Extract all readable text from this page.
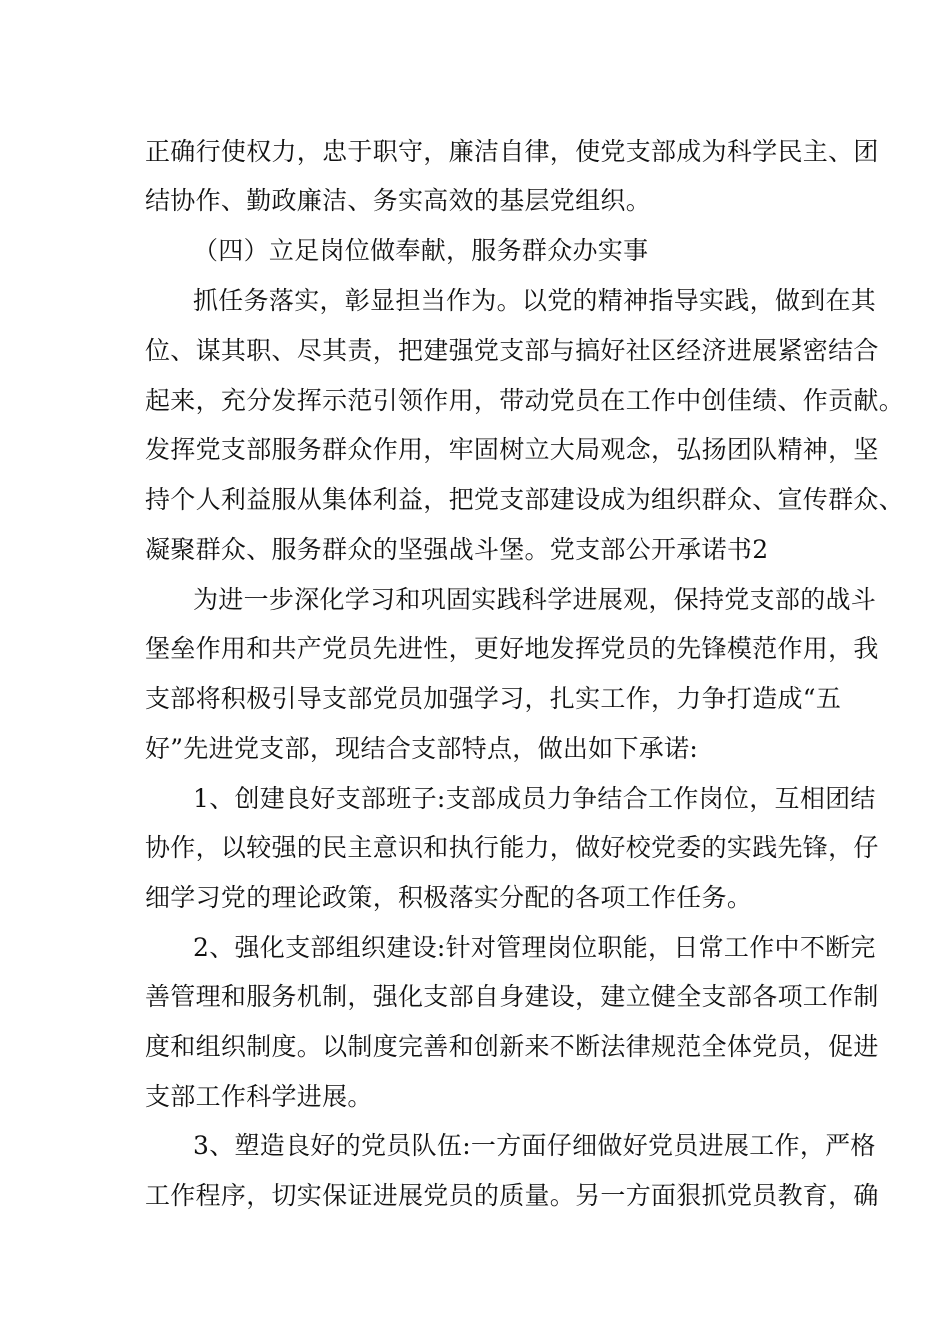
正确行使权力，忠于职守，廉洁自律，使党支部成为科学民主、团
结协作、勤政廉洁、务实高效的基层党组织。
（四）立足岗位做奉献，服务群众办实事
抓任务落实，彰显担当作为。以党的精神指导实践，做到在其
位、谋其职、尽其责，把建强党支部与搞好社区经济进展紧密结合
起来，充分发挥示范引领作用，带动党员在工作中创佳绩、作贡献。
发挥党支部服务群众作用，牢固树立大局观念，弘扬团队精神，坚
持个人利益服从集体利益，把党支部建设成为组织群众、宣传群众、
凝聚群众、服务群众的坚强战斗堡。党支部公开承诺书2
为进一步深化学习和巩固实践科学进展观，保持党支部的战斗
堡垒作用和共产党员先进性，更好地发挥党员的先锋模范作用，我
支部将积极引导支部党员加强学习，扎实工作，力争打造成“五
好”先进党支部，现结合支部特点，做出如下承诺:
1、创建良好支部班子:支部成员力争结合工作岗位，互相团结
协作，以较强的民主意识和执行能力，做好校党委的实践先锋，仔
细学习党的理论政策，积极落实分配的各项工作任务。
2、强化支部组织建设:针对管理岗位职能，日常工作中不断完
善管理和服务机制，强化支部自身建设，建立健全支部各项工作制
度和组织制度。以制度完善和创新来不断法律规范全体党员，促进
支部工作科学进展。
3、塑造良好的党员队伍:一方面仔细做好党员进展工作，严格
工作程序，切实保证进展党员的质量。另一方面狠抓党员教育，确
